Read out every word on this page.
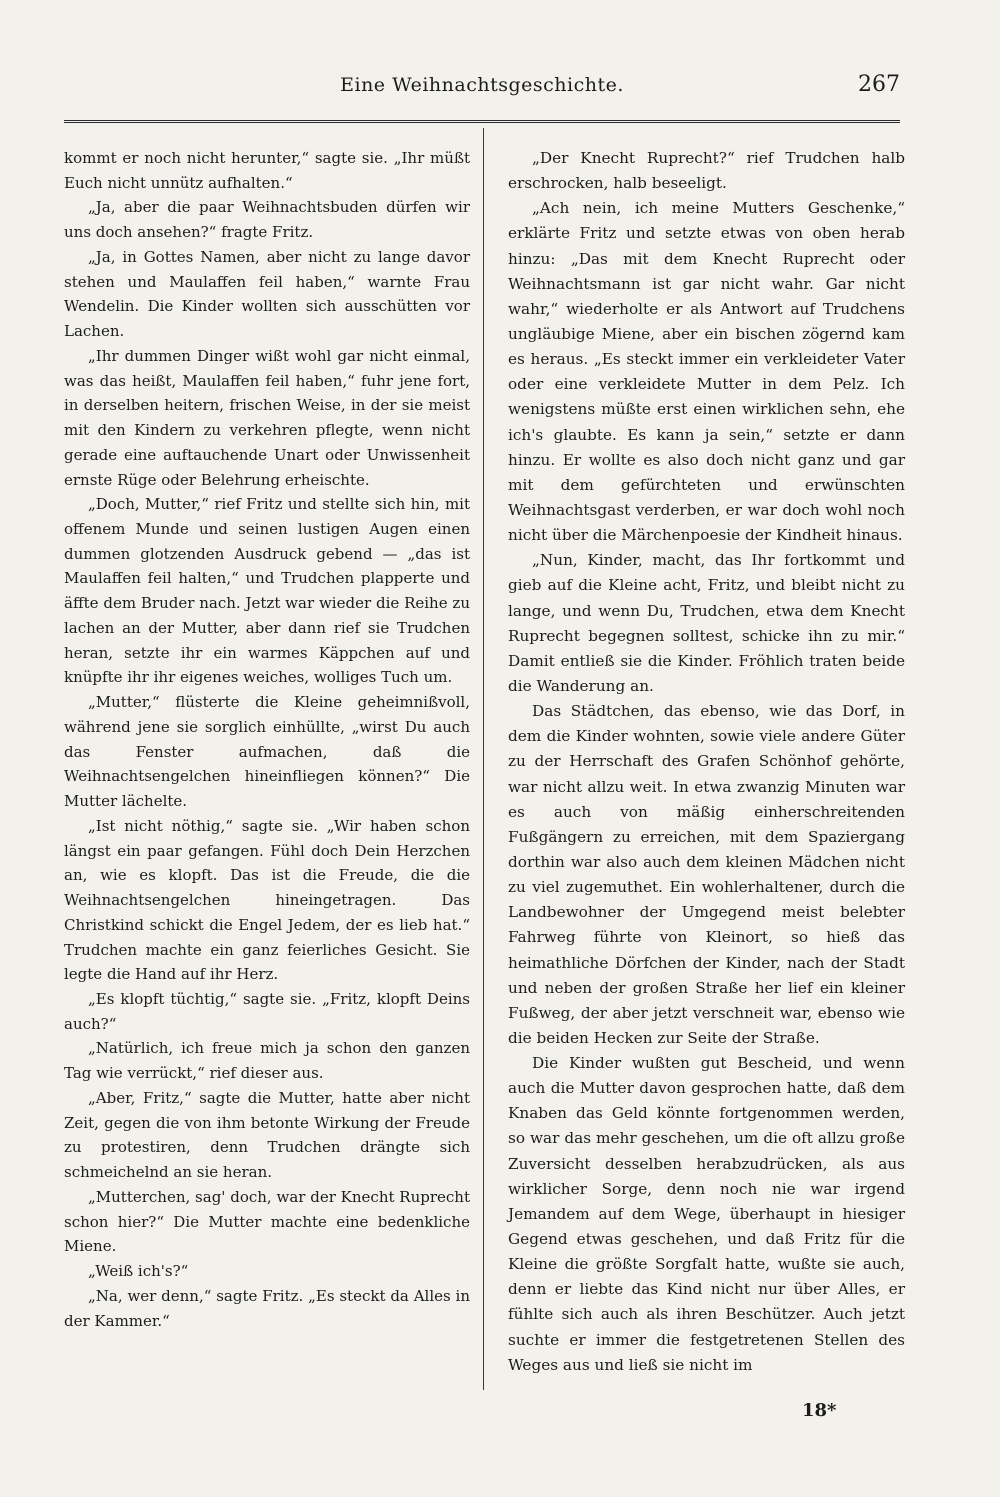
Eine Weihnachtsgeschichte.	267

kommt er noch nicht herunter,“ sagte sie. „Ihr müßt Euch nicht unnütz aufhalten.“

„Ja, aber die paar Weihnachtsbuden dürfen wir uns doch ansehen?“ fragte Fritz.

„Ja, in Gottes Namen, aber nicht zu lange davor stehen und Maulaffen feil haben,“ warnte Frau Wendelin. Die Kinder wollten sich ausschütten vor Lachen.

„Ihr dummen Dinger wißt wohl gar nicht einmal, was das heißt, Maulaffen feil haben,“ fuhr jene fort, in derselben heitern, frischen Weise, in der sie meist mit den Kindern zu verkehren pflegte, wenn nicht gerade eine auftauchende Unart oder Unwissenheit ernste Rüge oder Belehrung erheischte.

„Doch, Mutter,“ rief Fritz und stellte sich hin, mit offenem Munde und seinen lustigen Augen einen dummen glotzenden Ausdruck gebend — „das ist Maulaffen feil halten,“ und Trudchen plapperte und äffte dem Bruder nach. Jetzt war wieder die Reihe zu lachen an der Mutter, aber dann rief sie Trudchen heran, setzte ihr ein warmes Käppchen auf und knüpfte ihr ihr eigenes weiches, wolliges Tuch um.

„Mutter,“ flüsterte die Kleine geheimnißvoll, während jene sie sorglich einhüllte, „wirst Du auch das Fenster aufmachen, daß die Weihnachtsengelchen hineinfliegen können?“ Die Mutter lächelte.

„Ist nicht nöthig,“ sagte sie. „Wir haben schon längst ein paar gefangen. Fühl doch Dein Herzchen an, wie es klopft. Das ist die Freude, die die Weihnachtsengelchen hineingetragen. Das Christkind schickt die Engel Jedem, der es lieb hat.“ Trudchen machte ein ganz feierliches Gesicht. Sie legte die Hand auf ihr Herz.

„Es klopft tüchtig,“ sagte sie. „Fritz, klopft Deins auch?“

„Natürlich, ich freue mich ja schon den ganzen Tag wie verrückt,“ rief dieser aus.

„Aber, Fritz,“ sagte die Mutter, hatte aber nicht Zeit, gegen die von ihm betonte Wirkung der Freude zu protestiren, denn Trudchen drängte sich schmeichelnd an sie heran.

„Mutterchen, sag' doch, war der Knecht Ruprecht schon hier?“ Die Mutter machte eine bedenkliche Miene.

„Weiß ich's?“

„Na, wer denn,“ sagte Fritz. „Es steckt da Alles in der Kammer.“

„Der Knecht Ruprecht?“ rief Trudchen halb erschrocken, halb beseeligt.

„Ach nein, ich meine Mutters Geschenke,“ erklärte Fritz und setzte etwas von oben herab hinzu: „Das mit dem Knecht Ruprecht oder Weihnachtsmann ist gar nicht wahr. Gar nicht wahr,“ wiederholte er als Antwort auf Trudchens ungläubige Miene, aber ein bischen zögernd kam es heraus. „Es steckt immer ein verkleideter Vater oder eine verkleidete Mutter in dem Pelz. Ich wenigstens müßte erst einen wirklichen sehn, ehe ich's glaubte. Es kann ja sein,“ setzte er dann hinzu. Er wollte es also doch nicht ganz und gar mit dem gefürchteten und erwünschten Weihnachtsgast verderben, er war doch wohl noch nicht über die Märchenpoesie der Kindheit hinaus.

„Nun, Kinder, macht, das Ihr fortkommt und gieb auf die Kleine acht, Fritz, und bleibt nicht zu lange, und wenn Du, Trudchen, etwa dem Knecht Ruprecht begegnen solltest, schicke ihn zu mir.“ Damit entließ sie die Kinder. Fröhlich traten beide die Wanderung an.

Das Städtchen, das ebenso, wie das Dorf, in dem die Kinder wohnten, sowie viele andere Güter zu der Herrschaft des Grafen Schönhof gehörte, war nicht allzu weit. In etwa zwanzig Minuten war es auch von mäßig einherschreitenden Fußgängern zu erreichen, mit dem Spaziergang dorthin war also auch dem kleinen Mädchen nicht zu viel zugemuthet. Ein wohlerhaltener, durch die Landbewohner der Umgegend meist belebter Fahrweg führte von Kleinort, so hieß das heimathliche Dörfchen der Kinder, nach der Stadt und neben der großen Straße her lief ein kleiner Fußweg, der aber jetzt verschneit war, ebenso wie die beiden Hecken zur Seite der Straße.

Die Kinder wußten gut Bescheid, und wenn auch die Mutter davon gesprochen hatte, daß dem Knaben das Geld könnte fortgenommen werden, so war das mehr geschehen, um die oft allzu große Zuversicht desselben herabzudrücken, als aus wirklicher Sorge, denn noch nie war irgend Jemandem auf dem Wege, überhaupt in hiesiger Gegend etwas geschehen, und daß Fritz für die Kleine die größte Sorgfalt hatte, wußte sie auch, denn er liebte das Kind nicht nur über Alles, er fühlte sich auch als ihren Beschützer. Auch jetzt suchte er immer die festgetretenen Stellen des Weges aus und ließ sie nicht im

18*
